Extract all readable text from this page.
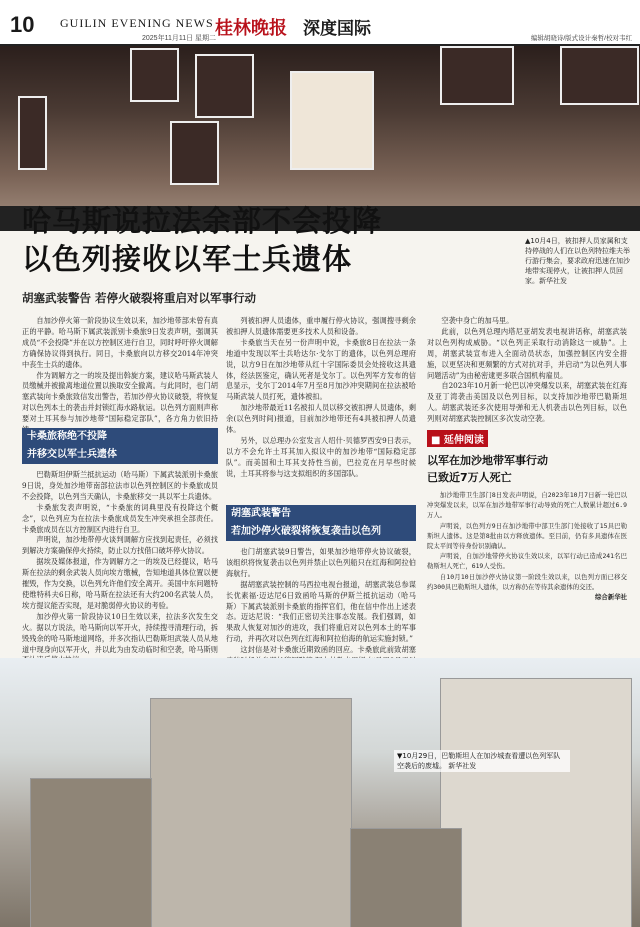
10 GUILIN EVENING NEWS
2025年11月11日 星期二
桂林晚报 深度国际	编辑胡晓诗/版式设计秦哲/校对韦红
哈马斯说拉法余部不会投降
以色列接收以军士兵遗体
胡塞武装警告 若停火破裂将重启对以军事行动
▲10月4日，被扣押人员家属和支持停战的人们在以色列特拉维夫举行游行集会，要求政府迅速在加沙地带实现停火，让被扣押人员回家。新华社发

自加沙停火第一阶段协议生效以来，加沙地带部未曾有真正的平静。哈马斯下属武装派别卡桑旅9日发表声明，强调其成员“不会投降”并在以方控制区进行自卫，同时呼吁停火调解方确保协议得到执行。同日，卡桑旅向以方移交2014年冲突中丧生士兵的遗体。

作为调解方之一的埃及提出斡旋方案，建议哈马斯武装人员缴械并被撤离地道位置以换取安全撤离。与此同时，也门胡塞武装向卡桑旅致信发出警告，若加沙停火协议破裂，将恢复对以色列本土的袭击并封锁红海水路航运。以色列方面则声称要对土耳其参与加沙地带“国际稳定部队”，各方角力依旧持

卡桑旅称绝不投降
并移交以军士兵遗体

巴勒斯坦伊斯兰抵抗运动（哈马斯）下属武装派别卡桑旅9日说，身处加沙地带南部拉法市以色列控制区的卡桑旅成员不会投降，以色列当天确认，卡桑旅移交一具以军士兵遗体。

卡桑旅发表声明说，“卡桑旅的词典里没有投降这个概念”，以色列应为在拉法卡桑旅成员发生冲突承担全部责任。卡桑旅成员在以方控制区内进行自卫。

声明说，加沙地带停火谈判调解方应找到起责任，必须找到解决方案确保停火持续，防止以方找借口破坏停火协议。

据埃及媒体报道，作为调解方之一的埃及已经提议，哈马斯在拉法的剩余武装人员向埃方缴械，告知地道具体位置以便摧毁，作为交换，以色列允许他们安全离开。美国中东问题特使维特科夫6日称，哈马斯在拉法还有大约200名武装人员，埃方提议能否实现，是对脆弱停火协议的考验。

加沙停火第一阶段协议10日生效以来，拉法多次发生交火。据以方说法，哈马斯向以军开火，持续搜寻清理行动，拆毁残余的哈马斯地道网络，并多次指认巴勒斯坦武装人员从地道中现身向以军开火，并以此为由发动临时和空袭，哈马斯则

列被扣押人员遗体，重申履行停火协议，强调搜寻剩余被扣押人员遗体需要更多技术人员和设备。

卡桑旅当天在另一份声明中说，卡桑旅8日在拉法一条地道中发现以军士兵哈达尔·戈尔丁的遗体，以色列总理府说，以方9日在加沙地带从红十字国际委员会处接收这具遗体，经法医鉴定，确认死者是戈尔丁。以色列军方发布的信息显示，戈尔丁2014年7月至8月加沙冲突期间在拉法被哈马斯武装人员打死，遗体被扣。

加沙地带最近11名被扣人员以移交被扣押人员遗体，剩余(以色列时间)报道，目前加沙地带还有4具被扣押人员遗体。

另外，以总理办公室发言人绍什·贝德罗西安9日表示，以方不会允许土耳其加入拟议中的加沙地带“国际稳定部队”。而美国和土耳其支持性当前，巴拉克在月早些时候说，土耳其将参与这支拟组织的多国部队。

胡塞武装警告
若加沙停火破裂将恢复袭击以色列

也门胡塞武装9日警告，如果加沙地带停火协议破裂，该组织将恢复袭击以色列并禁止以色列船只在红海和阿拉伯海航行。

据胡塞武装控制的马西拉电视台报道，胡塞武装总参谋长优素福·迈达尼6日致函哈马斯的伊斯兰抵抗运动（哈马斯）下属武装派别卡桑旅的指挥官们，他在信中作出上述表态。迈达尼说：“我们正密切关注事态发展。我们强调，如果敌人恢复对加沙的进攻，我们将重启对以色列本土的军事行动，并再次对以色列在红海和阿拉伯海的航运实施封锁。”

这封信是对卡桑旅近期致函的回应。卡桑旅此前致胡塞

空袭中身亡的加马里。

此前，以色列总理内塔尼亚胡发表电视讲话称，胡塞武装对以色列构成威胁。“以色列正采取行动消除这一威胁”。上周，胡塞武装宣布进入全面动员状态，加强控制区内安全措施，以更坚决和更频繁的方式对抗对手，并启动“为以色列人事问题活动”为由秘密逮更多联合国机构雇员。

自2023年10月新一轮巴以冲突爆发以来，胡塞武装在红海及亚丁湾袭击美国及以色列目标，以支持加沙地带巴勒斯坦人。胡塞武装还多次使用导弹和无人机袭击以色列目标，以色列则对胡塞武装控制区多次发动空袭。

■ 延伸阅读
以军在加沙地带军事行动
已致近7万人死亡

加沙地带卫生部门8日发表声明说，自2023年10月7日新一轮巴以冲突爆发以来，以军在加沙地带军事行动导致的死亡人数累计超过6.9万人。

声明说，以色列方9日在加沙地带中部卫生部门处接收了15具巴勒斯坦人遗体。这是第8批由以方释放遗体。至目前，仍有多具遗体在医院太平间等待身份识别确认。

声明说，自加沙地带停火协议生效以来，以军行动已造成241名巴勒斯坦人死亡，619人受伤。

自10月10日加沙停火协议第一阶段生效以来，以色列方面已移交约300具巴勒斯坦人遗体，以方称仍在等待其余遗体的交还。

综合新华社

▼10月29日，巴勒斯坦人在加沙城查看遭以色列军队空袭后的废墟。 新华社发
